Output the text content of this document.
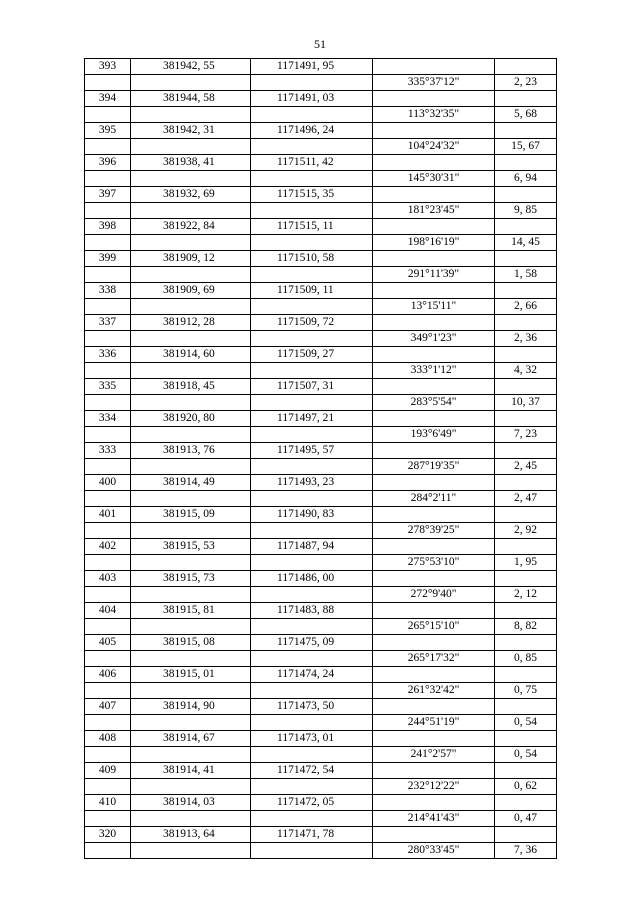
51
393	381942, 55	1171491, 95		
			335°37'12"	2, 23
394	381944, 58	1171491, 03		
			113°32'35"	5, 68
395	381942, 31	1171496, 24		
			104°24'32"	15, 67
396	381938, 41	1171511, 42		
			145°30'31"	6, 94
397	381932, 69	1171515, 35		
			181°23'45"	9, 85
398	381922, 84	1171515, 11		
			198°16'19"	14, 45
399	381909, 12	1171510, 58		
			291°11'39"	1, 58
338	381909, 69	1171509, 11		
			13°15'11"	2, 66
337	381912, 28	1171509, 72		
			349°1'23"	2, 36
336	381914, 60	1171509, 27		
			333°1'12"	4, 32
335	381918, 45	1171507, 31		
			283°5'54"	10, 37
334	381920, 80	1171497, 21		
			193°6'49"	7, 23
333	381913, 76	1171495, 57		
			287°19'35"	2, 45
400	381914, 49	1171493, 23		
			284°2'11"	2, 47
401	381915, 09	1171490, 83		
			278°39'25"	2, 92
402	381915, 53	1171487, 94		
			275°53'10"	1, 95
403	381915, 73	1171486, 00		
			272°9'40"	2, 12
404	381915, 81	1171483, 88		
			265°15'10"	8, 82
405	381915, 08	1171475, 09		
			265°17'32"	0, 85
406	381915, 01	1171474, 24		
			261°32'42"	0, 75
407	381914, 90	1171473, 50		
			244°51'19"	0, 54
408	381914, 67	1171473, 01		
			241°2'57"	0, 54
409	381914, 41	1171472, 54		
			232°12'22"	0, 62
410	381914, 03	1171472, 05		
			214°41'43"	0, 47
320	381913, 64	1171471, 78		
			280°33'45"	7, 36
